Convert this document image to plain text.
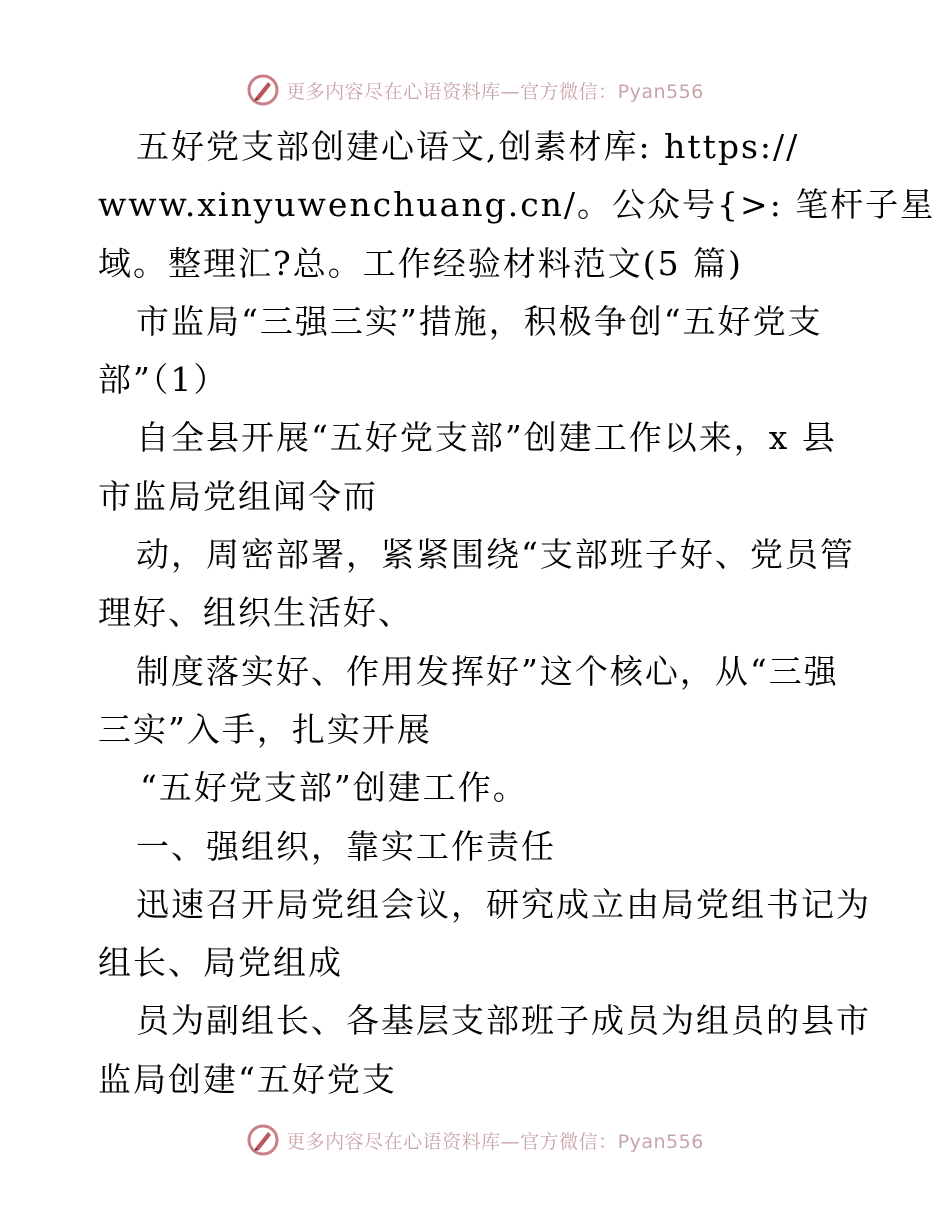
更多内容尽在心语资料库—官方微信：Pyan556
五好党支部创建心语文,创素材库: https://
www.xinyuwenchuang.cn/。公众号{>: 笔杆子星
域。整理汇?总。工作经验材料范文(5 篇)
市监局“三强三实”措施，积极争创“五好党支
部”（1）
自全县开展“五好党支部”创建工作以来，x 县
市监局党组闻令而
动，周密部署，紧紧围绕“支部班子好、党员管
理好、组织生活好、
制度落实好、作用发挥好”这个核心，从“三强
三实”入手，扎实开展
“五好党支部”创建工作。
一、强组织，靠实工作责任
迅速召开局党组会议，研究成立由局党组书记为
组长、局党组成
员为副组长、各基层支部班子成员为组员的县市
监局创建“五好党支
更多内容尽在心语资料库—官方微信：Pyan556
